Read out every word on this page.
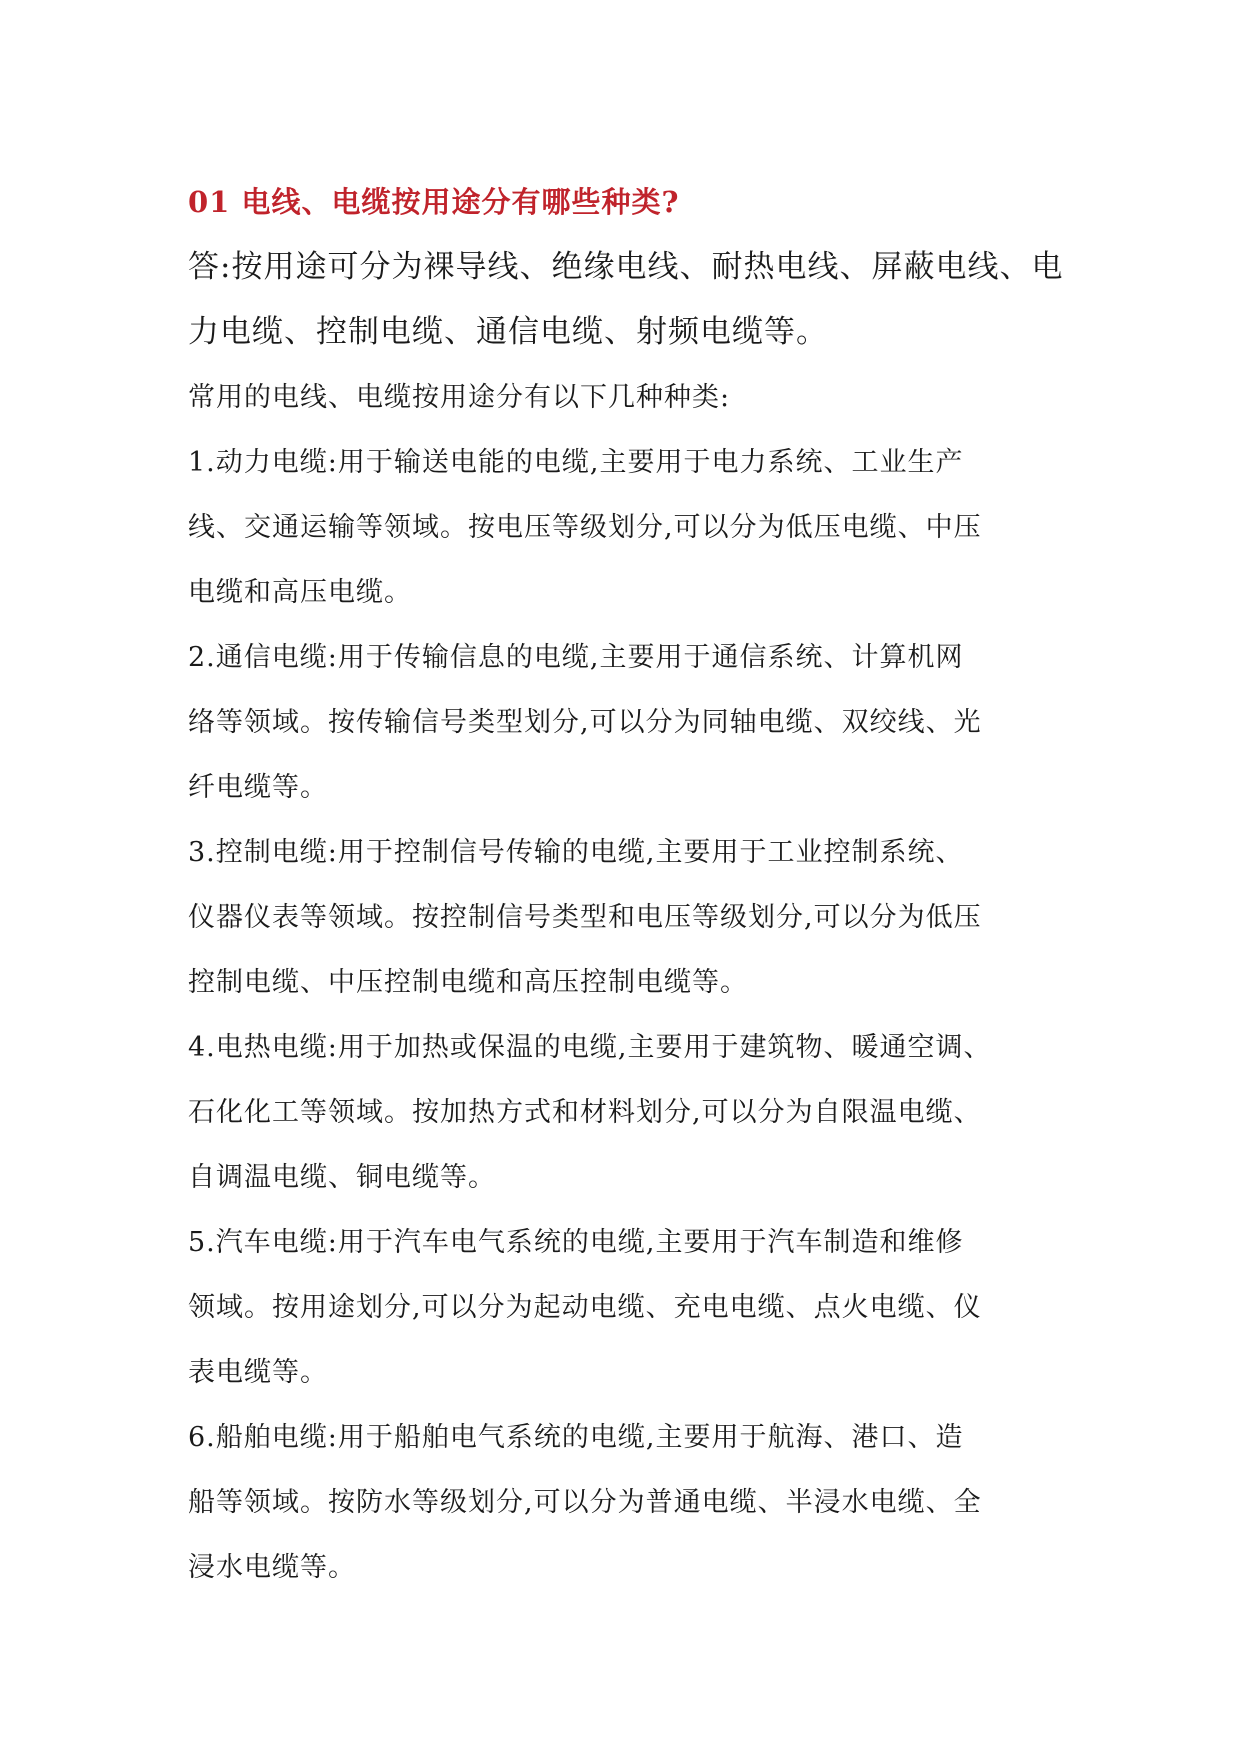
01 电线、电缆按用途分有哪些种类?

答:按用途可分为裸导线、绝缘电线、耐热电线、屏蔽电线、电
力电缆、控制电缆、通信电缆、射频电缆等。

常用的电线、电缆按用途分有以下几种种类:

1.动力电缆:用于输送电能的电缆,主要用于电力系统、工业生产
线、交通运输等领域。按电压等级划分,可以分为低压电缆、中压
电缆和高压电缆。

2.通信电缆:用于传输信息的电缆,主要用于通信系统、计算机网
络等领域。按传输信号类型划分,可以分为同轴电缆、双绞线、光
纤电缆等。

3.控制电缆:用于控制信号传输的电缆,主要用于工业控制系统、
仪器仪表等领域。按控制信号类型和电压等级划分,可以分为低压
控制电缆、中压控制电缆和高压控制电缆等。

4.电热电缆:用于加热或保温的电缆,主要用于建筑物、暖通空调、
石化化工等领域。按加热方式和材料划分,可以分为自限温电缆、
自调温电缆、铜电缆等。

5.汽车电缆:用于汽车电气系统的电缆,主要用于汽车制造和维修
领域。按用途划分,可以分为起动电缆、充电电缆、点火电缆、仪
表电缆等。

6.船舶电缆:用于船舶电气系统的电缆,主要用于航海、港口、造
船等领域。按防水等级划分,可以分为普通电缆、半浸水电缆、全
浸水电缆等。
